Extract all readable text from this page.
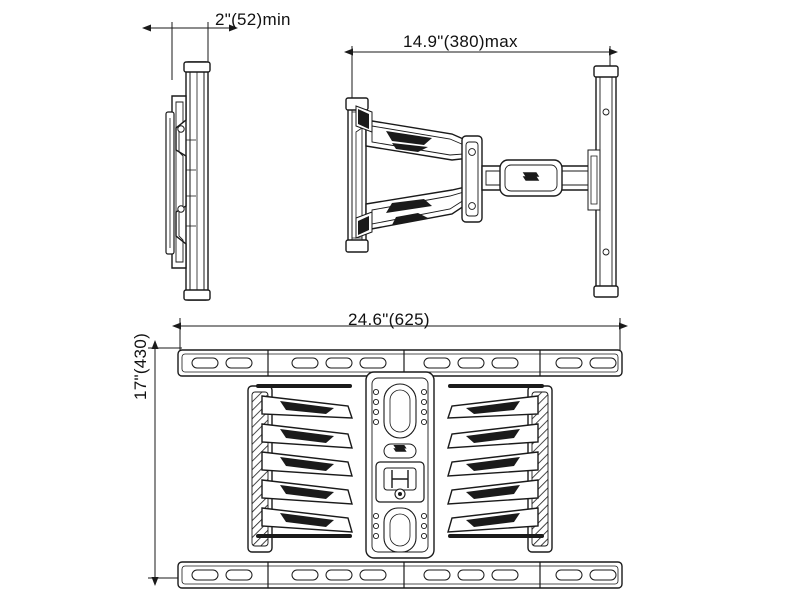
2"(52)min
14.9"(380)max
24.6"(625)
17"(430)
